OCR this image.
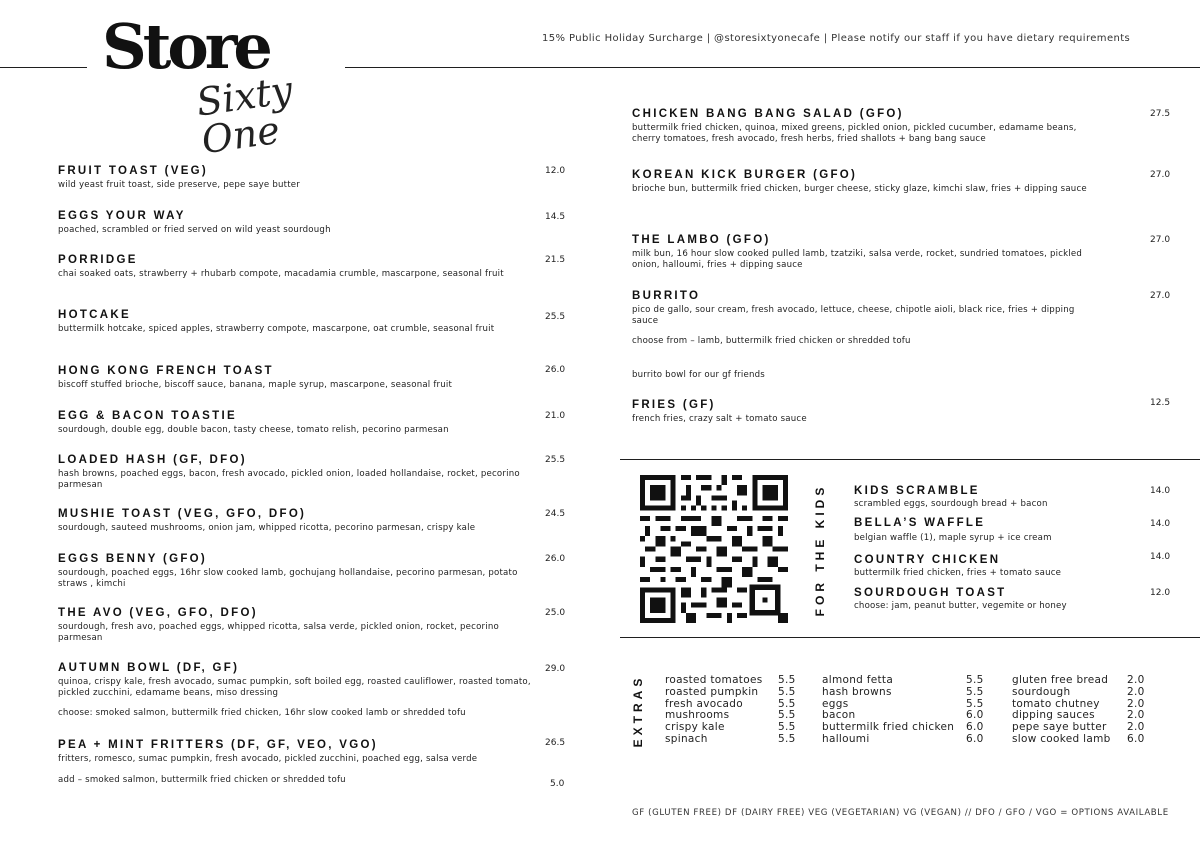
Store
Sixty One
15% Public Holiday Surcharge | @storesixtyonecafe | Please notify our staff if you have dietary requirements
FRUIT TOAST (VEG)
wild yeast fruit toast, side preserve, pepe saye butter
12.0
EGGS YOUR WAY
poached, scrambled or fried served on wild yeast sourdough
14.5
PORRIDGE
chai soaked oats, strawberry + rhubarb compote, macadamia crumble, mascarpone, seasonal fruit
21.5
HOTCAKE
buttermilk hotcake, spiced apples, strawberry compote, mascarpone, oat crumble, seasonal fruit
25.5
HONG KONG FRENCH TOAST
biscoff stuffed brioche, biscoff sauce, banana, maple syrup, mascarpone, seasonal fruit
26.0
EGG & BACON TOASTIE
sourdough, double egg, double bacon, tasty cheese, tomato relish, pecorino parmesan
21.0
LOADED HASH (GF, DFO)
hash browns, poached eggs, bacon, fresh avocado, pickled onion, loaded hollandaise, rocket, pecorino parmesan
25.5
MUSHIE TOAST (VEG, GFO, DFO)
sourdough, sauteed mushrooms, onion jam, whipped ricotta, pecorino parmesan, crispy kale
24.5
EGGS BENNY (GFO)
sourdough, poached eggs, 16hr slow cooked lamb, gochujang hollandaise, pecorino parmesan, potato straws , kimchi
26.0
THE AVO (VEG, GFO, DFO)
sourdough, fresh avo, poached eggs, whipped ricotta, salsa verde, pickled onion, rocket, pecorino parmesan
25.0
AUTUMN BOWL (DF, GF)
quinoa, crispy kale, fresh avocado, sumac pumpkin, soft boiled egg, roasted cauliflower, roasted tomato, pickled zucchini, edamame beans, miso dressing
choose: smoked salmon, buttermilk fried chicken, 16hr slow cooked lamb or shredded tofu
29.0
PEA + MINT FRITTERS (DF, GF, VEO, VGO)
fritters, romesco, sumac pumpkin, fresh avocado, pickled zucchini, poached egg, salsa verde
add – smoked salmon, buttermilk fried chicken or shredded tofu
26.5
5.0
CHICKEN BANG BANG SALAD (GFO)
buttermilk fried chicken, quinoa, mixed greens, pickled onion, pickled cucumber, edamame beans, cherry tomatoes, fresh avocado, fresh herbs, fried shallots + bang bang sauce
27.5
KOREAN KICK BURGER (GFO)
brioche bun, buttermilk fried chicken, burger cheese, sticky glaze, kimchi slaw, fries + dipping sauce
27.0
THE LAMBO (GFO)
milk bun, 16 hour slow cooked pulled lamb, tzatziki, salsa verde, rocket, sundried tomatoes, pickled onion, halloumi, fries + dipping sauce
27.0
BURRITO
pico de gallo, sour cream, fresh avocado, lettuce, cheese, chipotle aioli, black rice, fries + dipping sauce
choose from – lamb, buttermilk fried chicken or shredded tofu
27.0
burrito bowl for our gf friends
FRIES (GF)
french fries, crazy salt + tomato sauce
12.5
FOR THE KIDS KIDS SCRAMBLE
scrambled eggs, sourdough bread + bacon
14.0
BELLA’S WAFFLE
belgian waffle (1), maple syrup + ice cream
14.0
COUNTRY CHICKEN
buttermilk fried chicken, fries + tomato sauce
14.0
SOURDOUGH TOAST
choose: jam, peanut butter, vegemite or honey
12.0
EXTRAS roasted tomatoes	5.5
roasted pumpkin	5.5
fresh avocado	5.5
mushrooms	5.5
crispy kale	5.5
spinach	5.5
almond fetta	5.5
hash browns	5.5
eggs	5.5
bacon	6.0
buttermilk fried chicken	6.0
halloumi	6.0
gluten free bread	2.0
sourdough	2.0
tomato chutney	2.0
dipping sauces	2.0
pepe saye butter	2.0
slow cooked lamb	6.0
GF (GLUTEN FREE) DF (DAIRY FREE) VEG (VEGETARIAN) VG (VEGAN) // DFO / GFO / VGO = OPTIONS AVAILABLE
